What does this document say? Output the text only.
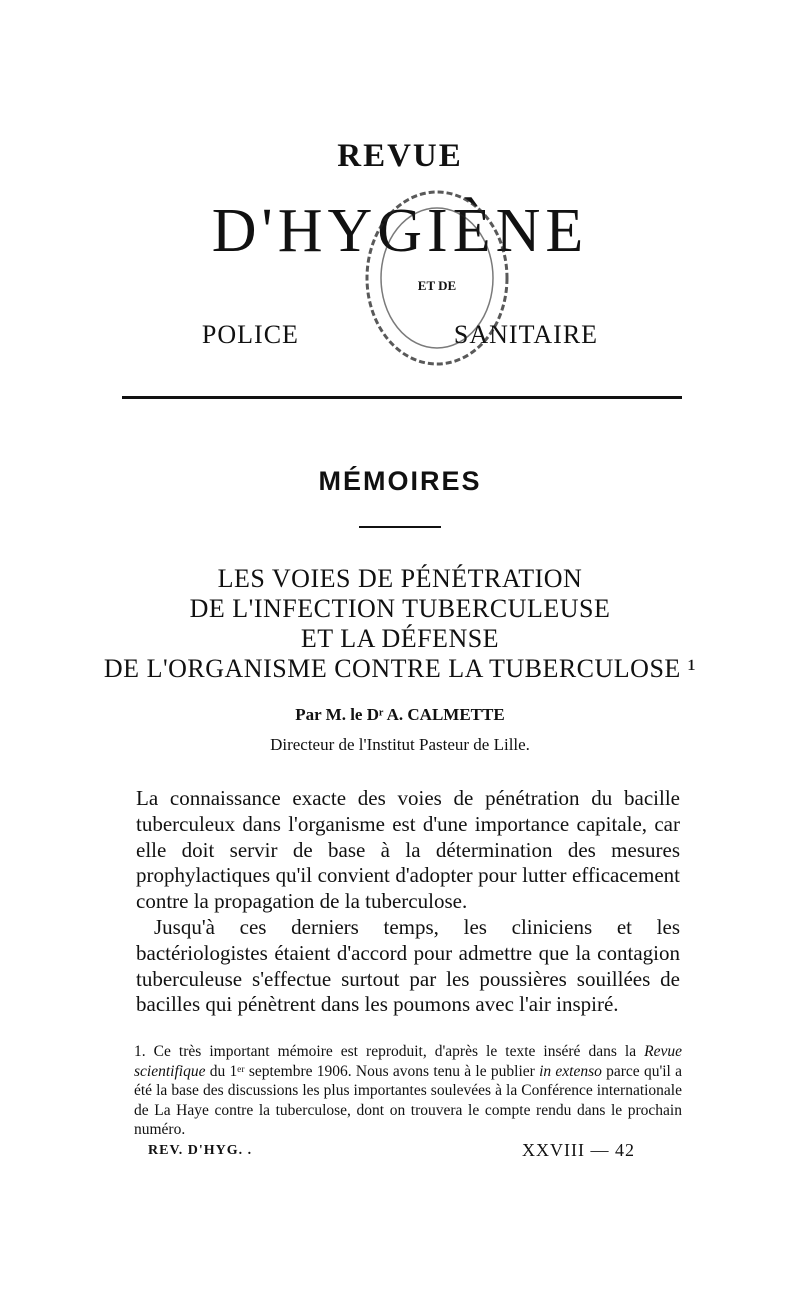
REVUE
D'HYGIÈNE
POLICE	SANITAIRE
ET DE
MÉMOIRES
LES VOIES DE PÉNÉTRATION
DE L'INFECTION TUBERCULEUSE
ET LA DÉFENSE
DE L'ORGANISME CONTRE LA TUBERCULOSE ¹
Par M. le Dʳ A. CALMETTE
Directeur de l'Institut Pasteur de Lille.

La connaissance exacte des voies de pénétration du bacille tuberculeux dans l'organisme est d'une importance capitale, car elle doit servir de base à la détermination des mesures prophylactiques qu'il convient d'adopter pour lutter efficacement contre la propagation de la tuberculose.

Jusqu'à ces derniers temps, les cliniciens et les bactériologistes étaient d'accord pour admettre que la contagion tuberculeuse s'effectue surtout par les poussières souillées de bacilles qui pénètrent dans les poumons avec l'air inspiré.

1. Ce très important mémoire est reproduit, d'après le texte inséré dans la Revue scientifique du 1ᵉʳ septembre 1906. Nous avons tenu à le publier in extenso parce qu'il a été la base des discussions les plus importantes soulevées à la Conférence internationale de La Haye contre la tuberculose, dont on trouvera le compte rendu dans le prochain numéro.
REV. D'HYG. .	XXVIII — 42
